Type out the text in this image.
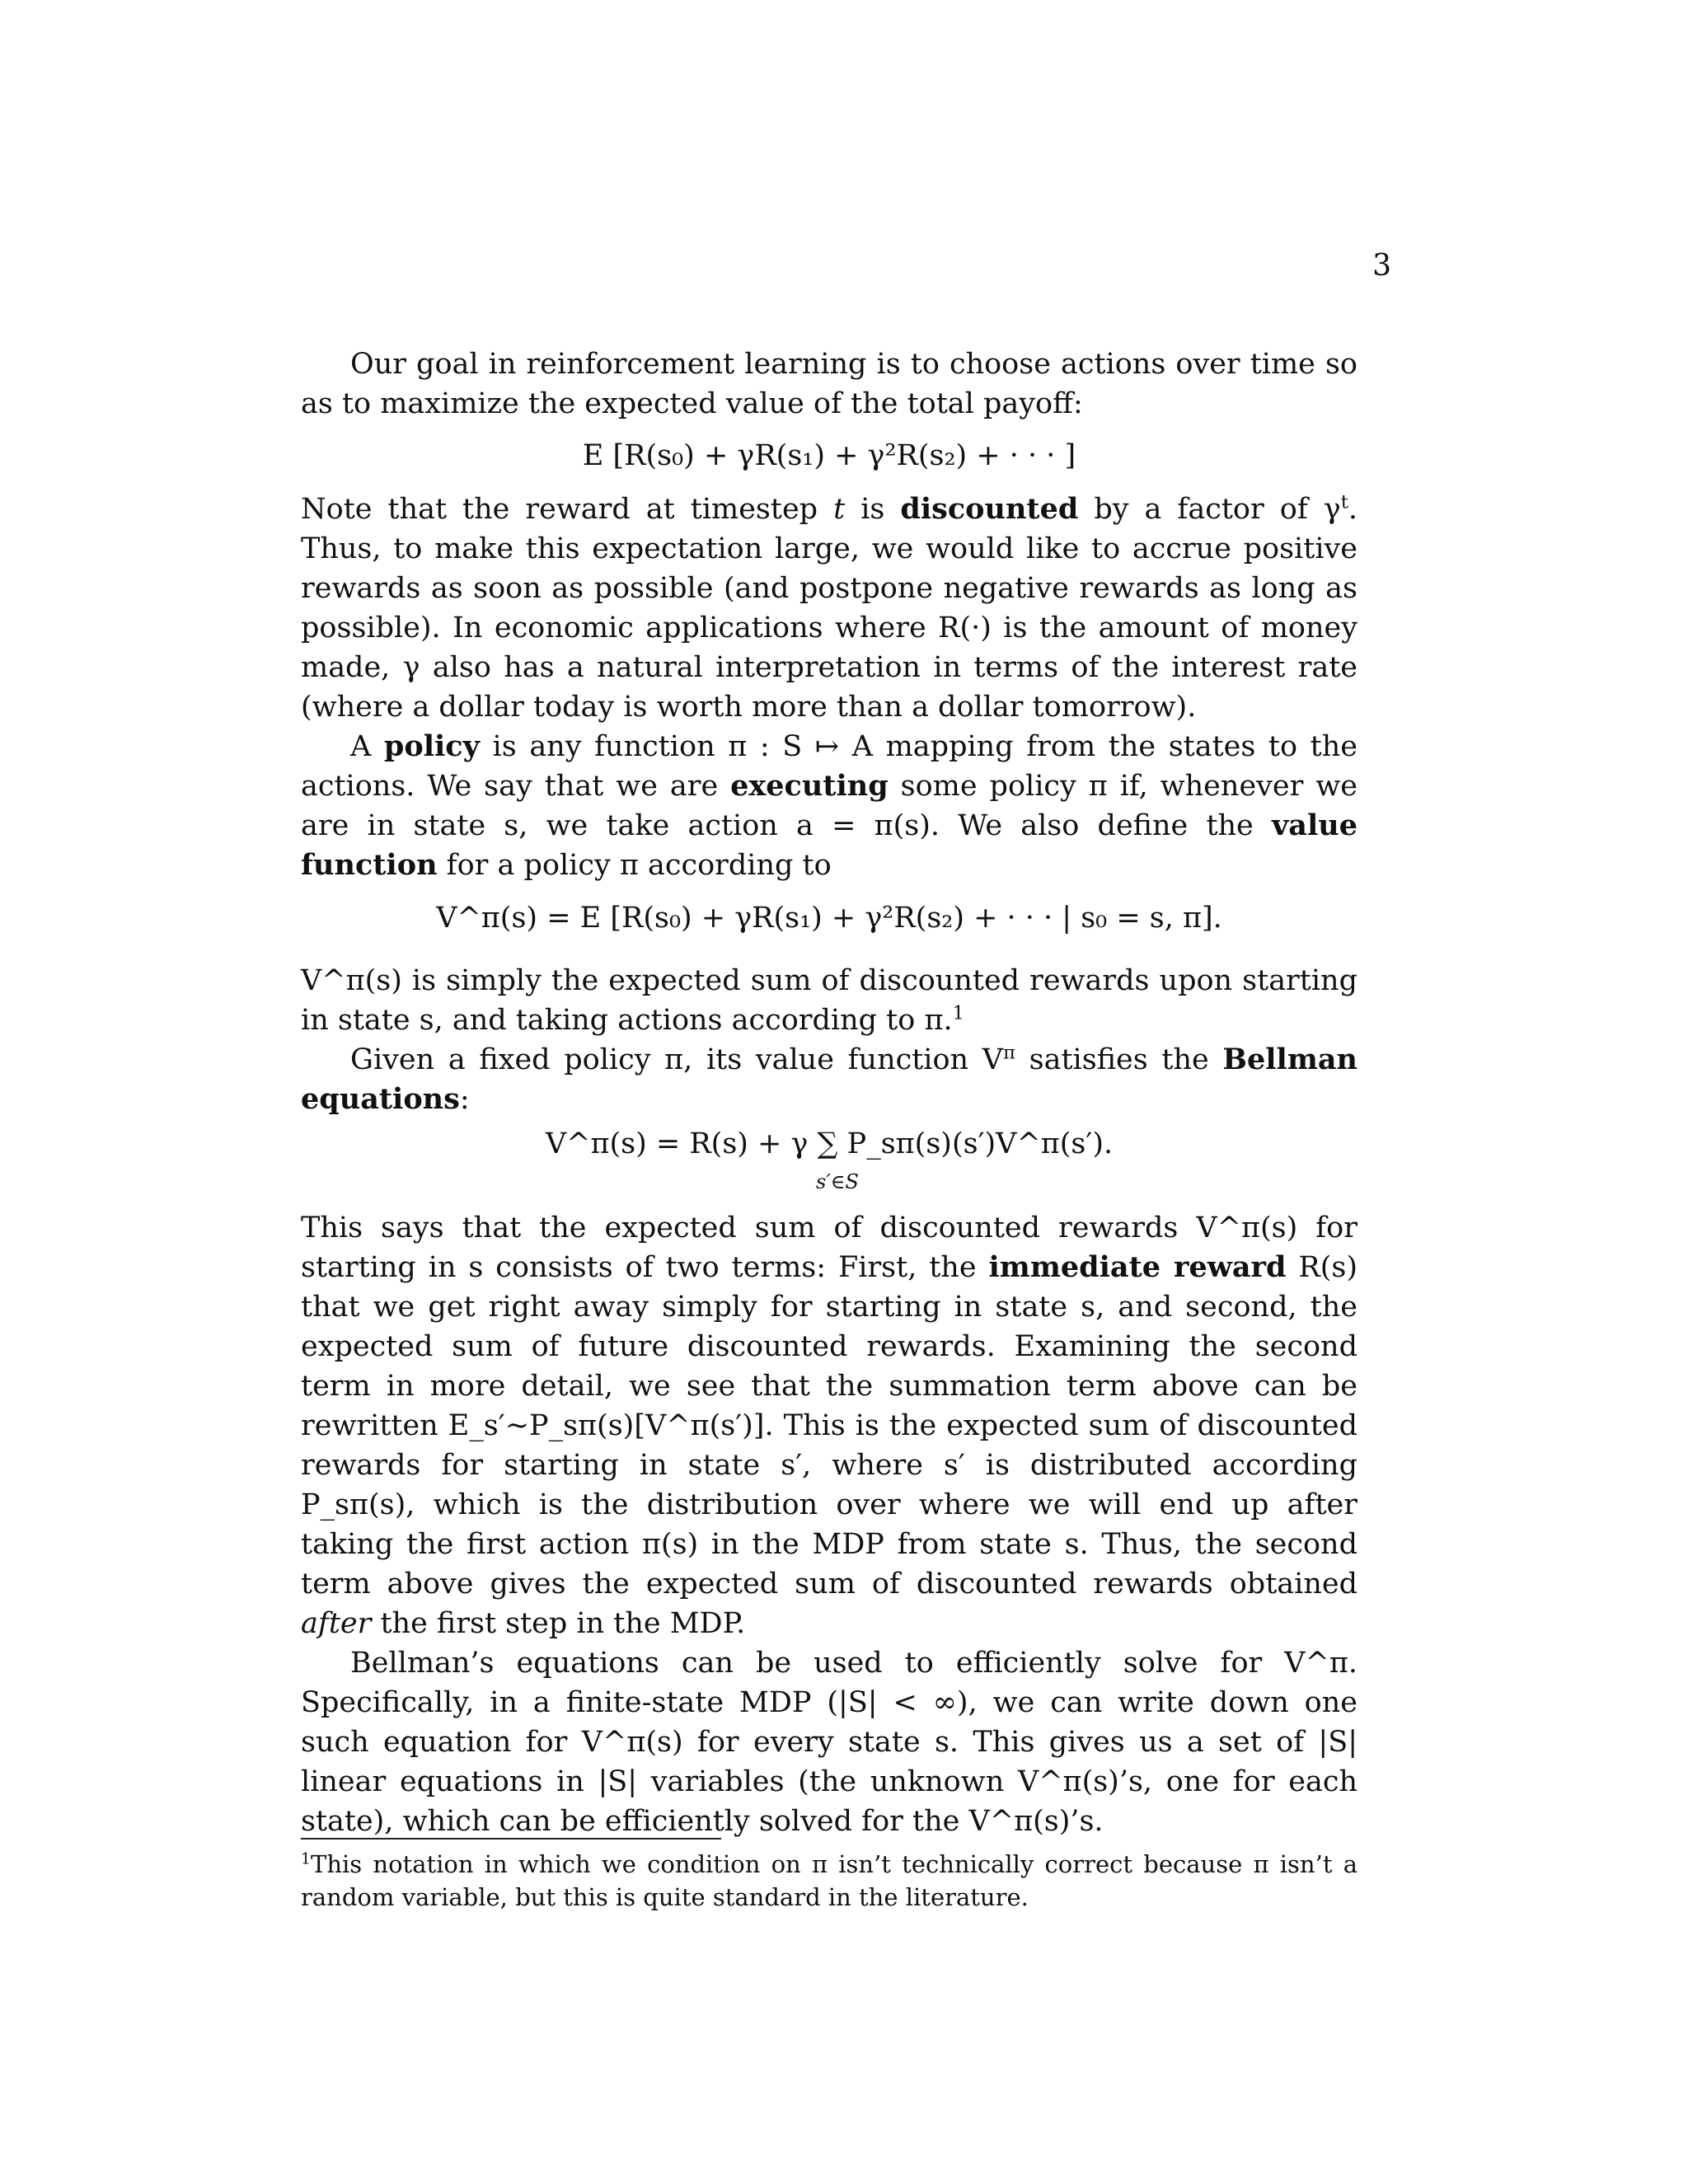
3

Our goal in reinforcement learning is to choose actions over time so as to maximize the expected value of the total payoff:

E [R(s₀) + γR(s₁) + γ²R(s₂) + · · · ]

Note that the reward at timestep t is discounted by a factor of $\gamma^t$. Thus, to make this expectation large, we would like to accrue positive rewards as soon as possible (and postpone negative rewards as long as possible). In economic applications where R(·) is the amount of money made, γ also has a natural interpretation in terms of the interest rate (where a dollar today is worth more than a dollar tomorrow).

A policy is any function π : S ↦ A mapping from the states to the actions. We say that we are executing some policy π if, whenever we are in state s, we take action a = π(s). We also define the value function for a policy π according to

V^π(s) = E [R(s₀) + γR(s₁) + γ²R(s₂) + · · · | s₀ = s, π].

V^π(s) is simply the expected sum of discounted rewards upon starting in state s, and taking actions according to π.$^1$

Given a fixed policy π, its value function $V^\pi$ satisfies the Bellman equations:

V^π(s) = R(s) + γ ∑ P_sπ(s)(s′)V^π(s′).
s′∈S

This says that the expected sum of discounted rewards V^π(s) for starting in s consists of two terms: First, the immediate reward R(s) that we get right away simply for starting in state s, and second, the expected sum of future discounted rewards. Examining the second term in more detail, we see that the summation term above can be rewritten E_s′∼P_sπ(s)[V^π(s′)]. This is the expected sum of discounted rewards for starting in state s′, where s′ is distributed according P_sπ(s), which is the distribution over where we will end up after taking the first action π(s) in the MDP from state s. Thus, the second term above gives the expected sum of discounted rewards obtained after the first step in the MDP.

Bellman’s equations can be used to efficiently solve for V^π. Specifically, in a finite-state MDP (|S| < ∞), we can write down one such equation for V^π(s) for every state s. This gives us a set of |S| linear equations in |S| variables (the unknown V^π(s)’s, one for each state), which can be efficiently solved for the V^π(s)’s.

$^1$This notation in which we condition on π isn’t technically correct because π isn’t a random variable, but this is quite standard in the literature.
